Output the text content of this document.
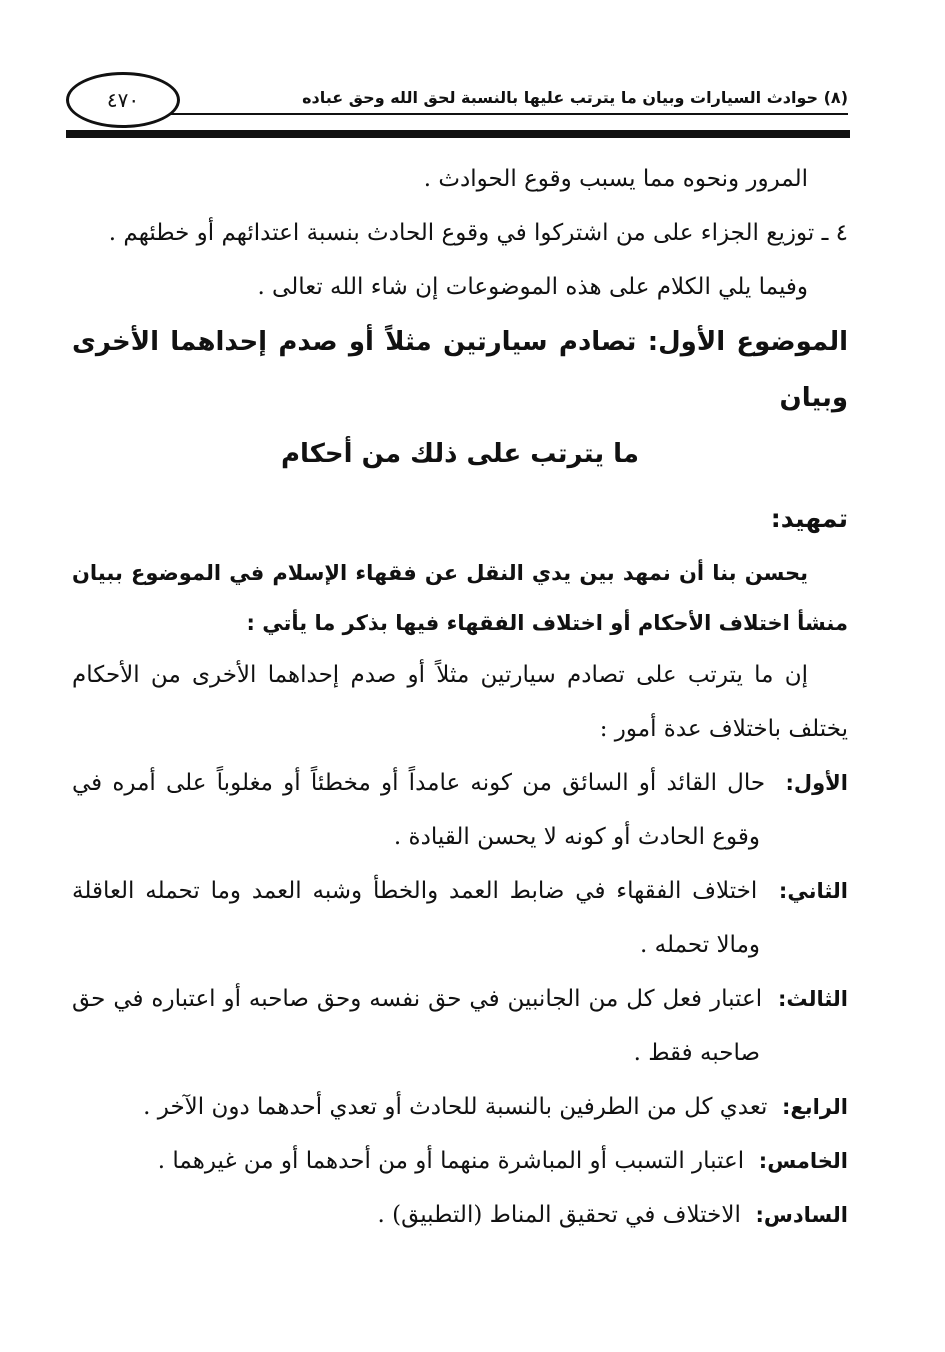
(٨) حوادث السيارات وبيان ما يترتب عليها بالنسبة لحق الله وحق عباده
٤٧٠

المرور ونحوه مما يسبب وقوع الحوادث .

٤ ـ توزيع الجزاء على من اشتركوا في وقوع الحادث بنسبة اعتدائهم أو خطئهم .

وفيما يلي الكلام على هذه الموضوعات إن شاء الله تعالى .

الموضوع الأول: تصادم سيارتين مثلاً أو صدم إحداهما الأخرى وبيان
ما يترتب على ذلك من أحكام

تمهيد:

يحسن بنا أن نمهد بين يدي النقل عن فقهاء الإسلام في الموضوع ببيان منشأ اختلاف الأحكام أو اختلاف الفقهاء فيها بذكر ما يأتي :

إن ما يترتب على تصادم سيارتين مثلاً أو صدم إحداهما الأخرى من الأحكام يختلف باختلاف عدة أمور :

الأول:  حال القائد أو السائق من كونه عامداً أو مخطئاً أو مغلوباً على أمره في وقوع الحادث أو كونه لا يحسن القيادة .

الثاني:  اختلاف الفقهاء في ضابط العمد والخطأ وشبه العمد وما تحمله العاقلة ومالا تحمله .

الثالث:  اعتبار فعل كل من الجانبين في حق نفسه وحق صاحبه أو اعتباره في حق صاحبه فقط .

الرابع:  تعدي كل من الطرفين بالنسبة للحادث أو تعدي أحدهما دون الآخر .

الخامس:  اعتبار التسبب أو المباشرة منهما أو من أحدهما أو من غيرهما .

السادس:  الاختلاف في تحقيق المناط (التطبيق) .
